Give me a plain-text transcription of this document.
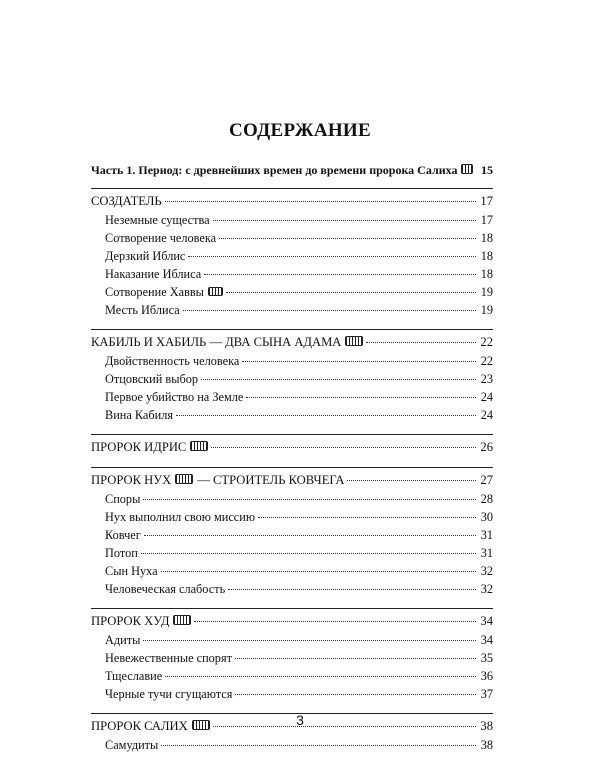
СОДЕРЖАНИЕ
Часть 1. Период: с древнейших времен до времени пророка Салиха 15
СОЗДАТЕЛЬ	17
Неземные существа	17
Сотворение человека	18
Дерзкий Иблис	18
Наказание Иблиса	18
Сотворение Хаввы	19
Месть Иблиса	19
КАБИЛЬ И ХАБИЛЬ — ДВА СЫНА АДАМА	22
Двойственность человека	22
Отцовский выбор	23
Первое убийство на Земле	24
Вина Кабиля	24
ПРОРОК ИДРИС	26
ПРОРОК НУХ — СТРОИТЕЛЬ КОВЧЕГА	27
Споры	28
Нух выполнил свою миссию	30
Ковчег	31
Потоп	31
Сын Нуха	32
Человеческая слабость	32
ПРОРОК ХУД	34
Адиты	34
Невежественные спорят	35
Тщеславие	36
Черные тучи сгущаются	37
ПРОРОК САЛИХ	38
Самудиты	38
3
